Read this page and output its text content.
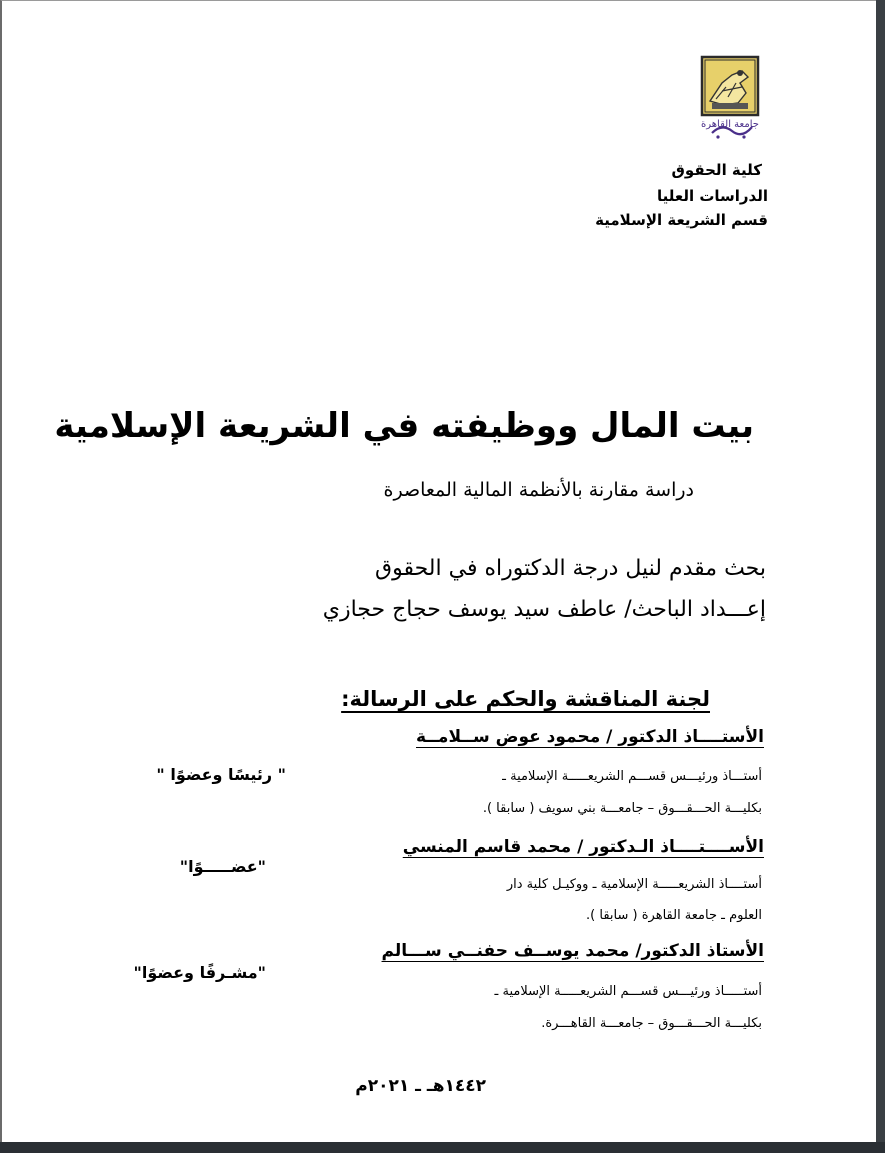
جامعة القاهرة
كلية الحقوق
الدراسات العليا
قسم الشريعة الإسلامية
بيت المال ووظيفته في الشريعة الإسلامية
دراسة مقارنة بالأنظمة المالية المعاصرة
بحث مقدم لنيل درجة الدكتوراه في الحقوق
إعـــداد الباحث/ عاطف سيد يوسف حجاج حجازي
لجنة المناقشة والحكم على الرسالة:
الأستــــاذ الدكتور / محمود عوض ســلامــة
أستـــاذ ورئيـــس قســـم الشريعـــــة الإسلامية ـ
بكليـــة الحـــقـــوق – جامعـــة بني سويف ( سابقا ).
" رئيسًا وعضوًا "
الأســــتــــاذ الـدكتور / محمد قاسم المنسي
أستــــاذ الشريعـــــة الإسلامية ـ ووكيـل كلية دار
العلوم ـ جامعة القاهرة ( سابقا ).
"عضـــــوًا"
الأستاذ الدكتور/ محمد يوســف حفنــي ســـالم
أستـــــاذ ورئيـــس قســـم الشريعـــــة الإسلامية ـ
بكليـــة الحـــقـــوق – جامعـــة القاهـــرة.
"مشـرفًا وعضوًا"
١٤٤٢هـ ـ ٢٠٢١م
